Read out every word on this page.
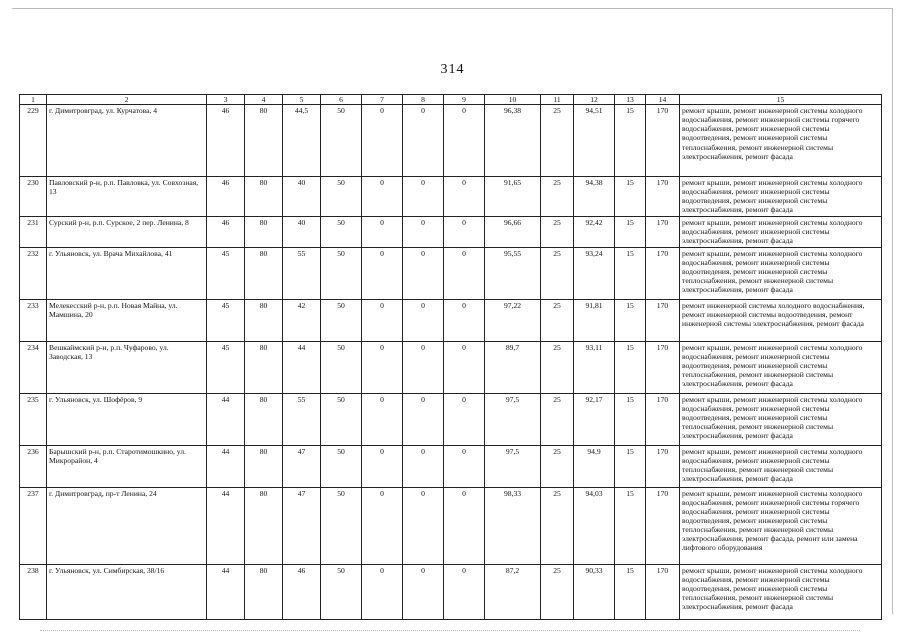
314
1	2	3	4	5	6	7	8	9	10	11	12	13	14	15
229	г. Димитровград, ул. Курчатова, 4	46	80	44,5	50	0	0	0	96,38	25	94,51	15	170	ремонт крыши, ремонт инженерной системы холодного водоснабжения, ремонт инженерной системы горячего водоснабжения, ремонт инженерной системы водоотведения, ремонт инженерной системы теплоснабжения, ремонт инженерной системы электроснабжения, ремонт фасада
230	Павловский р-н, р.п. Павловка, ул. Совхозная, 13	46	80	40	50	0	0	0	91,65	25	94,38	15	170	ремонт крыши, ремонт инженерной системы холодного водоснабжения, ремонт инженерной системы водоотведения, ремонт инженерной системы электроснабжения, ремонт фасада
231	Сурский р-н, р.п. Сурское, 2 пер. Ленина, 8	46	80	40	50	0	0	0	96,66	25	92,42	15	170	ремонт крыши, ремонт инженерной системы холодного водоснабжения, ремонт инженерной системы электроснабжения, ремонт фасада
232	г. Ульяновск, ул. Врача Михайлова, 41	45	80	55	50	0	0	0	95,55	25	93,24	15	170	ремонт крыши, ремонт инженерной системы холодного водоснабжения, ремонт инженерной системы водоотведения, ремонт инженерной системы теплоснабжения, ремонт инженерной системы электроснабжения, ремонт фасада
233	Мелекесский р-н, р.п. Новая Майна, ул. Мамшина, 20	45	80	42	50	0	0	0	97,22	25	91,81	15	170	ремонт инженерной системы холодного водоснабжения, ремонт инженерной системы водоотведения, ремонт инженерной системы электроснабжения, ремонт фасада
234	Вешкаймский р-н, р.п. Чуфарово, ул. Заводская, 13	45	80	44	50	0	0	0	89,7	25	93,11	15	170	ремонт крыши, ремонт инженерной системы холодного водоснабжения, ремонт инженерной системы водоотведения, ремонт инженерной системы теплоснабжения, ремонт инженерной системы электроснабжения, ремонт фасада
235	г. Ульяновск, ул. Шофёров, 9	44	80	55	50	0	0	0	97,5	25	92,17	15	170	ремонт крыши, ремонт инженерной системы холодного водоснабжения, ремонт инженерной системы водоотведения, ремонт инженерной системы теплоснабжения, ремонт инженерной системы электроснабжения, ремонт фасада
236	Барышский р-н, р.п. Старотимошкино, ул. Микрорайон, 4	44	80	47	50	0	0	0	97,5	25	94,9	15	170	ремонт крыши, ремонт инженерной системы холодного водоснабжения, ремонт инженерной системы теплоснабжения, ремонт инженерной системы электроснабжения, ремонт фасада
237	г. Димитровград, пр-т Ленина, 24	44	80	47	50	0	0	0	98,33	25	94,03	15	170	ремонт крыши, ремонт инженерной системы холодного водоснабжения, ремонт инженерной системы горячего водоснабжения, ремонт инженерной системы водоотведения, ремонт инженерной системы теплоснабжения, ремонт инженерной системы электроснабжения, ремонт фасада, ремонт или замена лифтового оборудования
238	г. Ульяновск, ул. Симбирская, 38/16	44	80	46	50	0	0	0	87,2	25	90,33	15	170	ремонт крыши, ремонт инженерной системы холодного водоснабжения, ремонт инженерной системы водоотведения, ремонт инженерной системы теплоснабжения, ремонт инженерной системы электроснабжения, ремонт фасада
